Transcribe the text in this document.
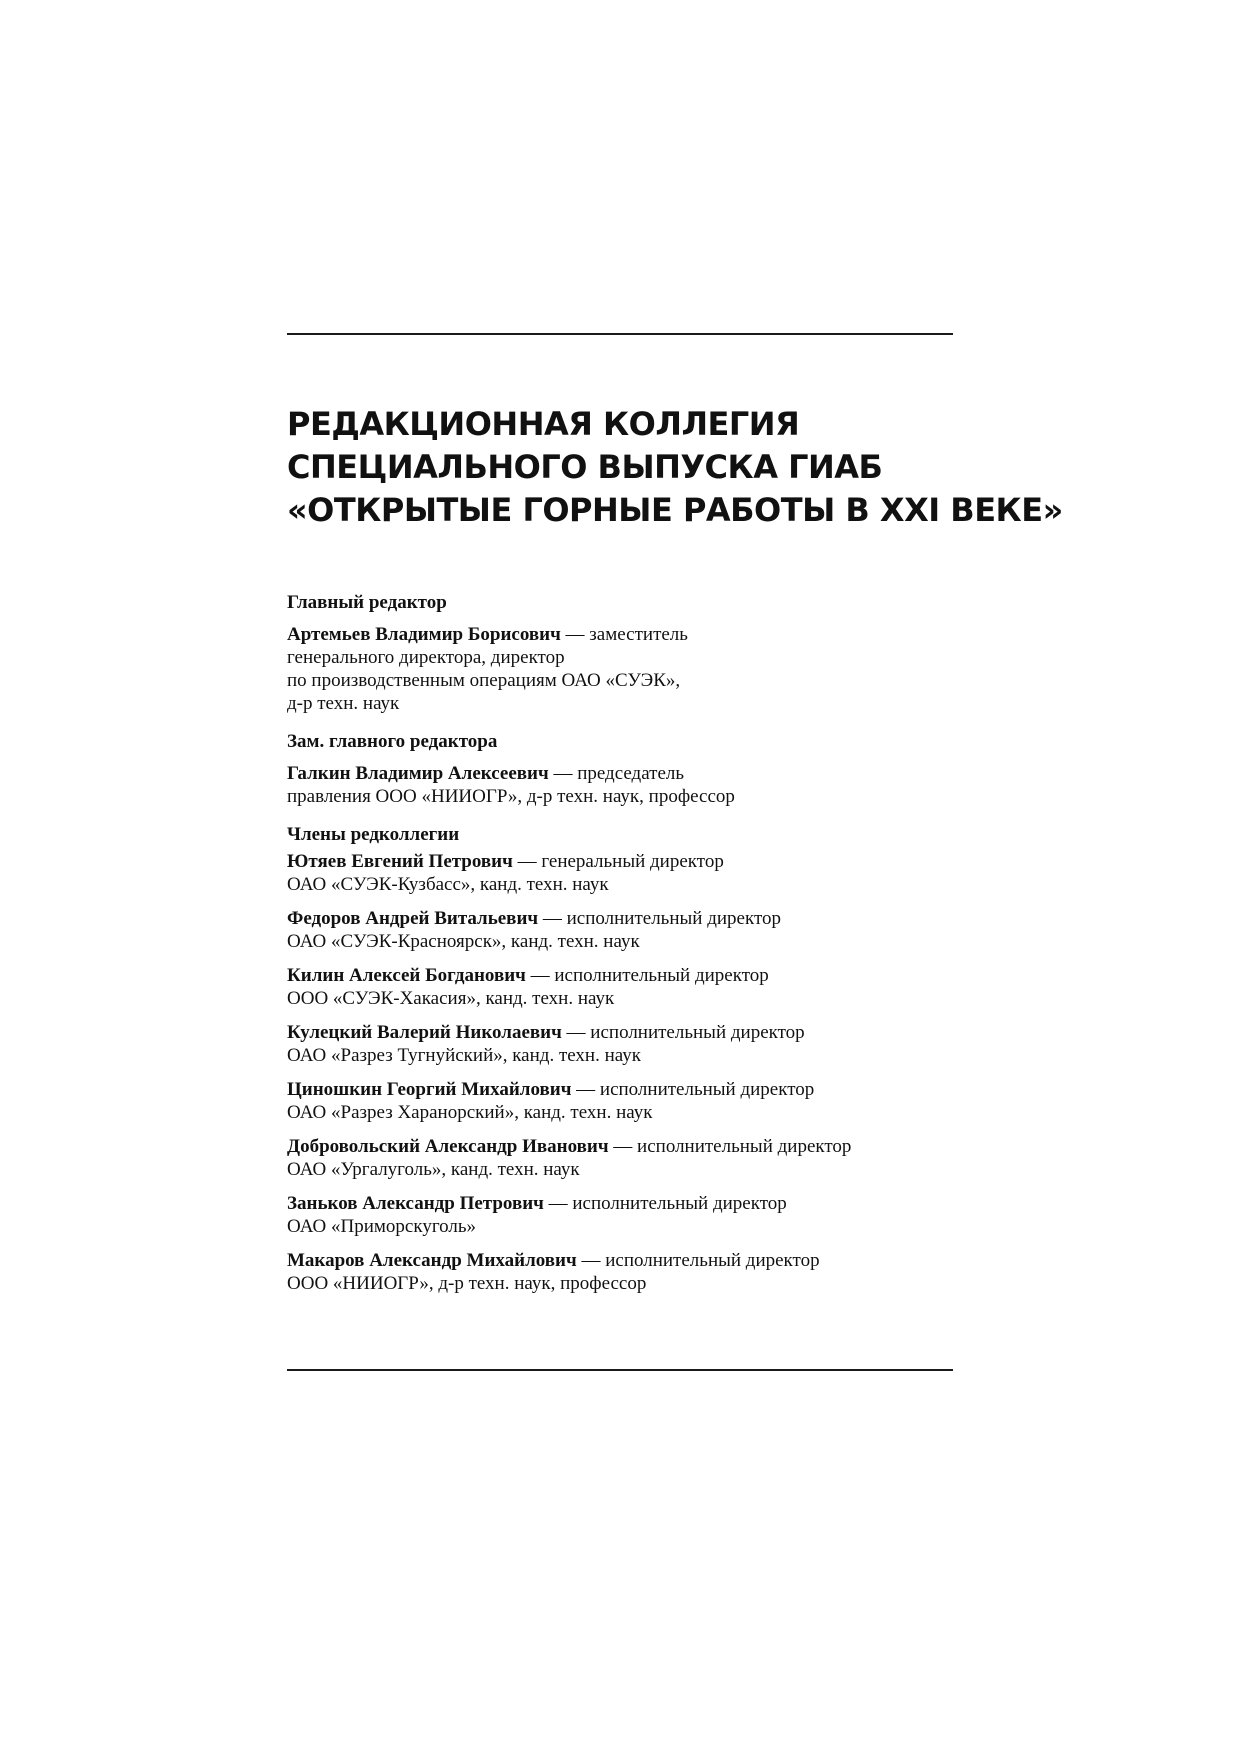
РЕДАКЦИОННАЯ КОЛЛЕГИЯ
СПЕЦИАЛЬНОГО ВЫПУСКА ГИАБ
«ОТКРЫТЫЕ ГОРНЫЕ РАБОТЫ В XXI ВЕКЕ»
Главный редактор
Артемьев Владимир Борисович — заместитель
генерального директора, директор
по производственным операциям ОАО «СУЭК»,
д-р техн. наук
Зам. главного редактора
Галкин Владимир Алексеевич — председатель
правления ООО «НИИОГР», д-р техн. наук, профессор
Члены редколлегии
Ютяев Евгений Петрович — генеральный директор
ОАО «СУЭК-Кузбасс», канд. техн. наук
Федоров Андрей Витальевич — исполнительный директор
ОАО «СУЭК-Красноярск», канд. техн. наук
Килин Алексей Богданович — исполнительный директор
ООО «СУЭК-Хакасия», канд. техн. наук
Кулецкий Валерий Николаевич — исполнительный директор
ОАО «Разрез Тугнуйский», канд. техн. наук
Циношкин Георгий Михайлович — исполнительный директор
ОАО «Разрез Харанорский», канд. техн. наук
Добровольский Александр Иванович — исполнительный директор
ОАО «Ургалуголь», канд. техн. наук
Заньков Александр Петрович — исполнительный директор
ОАО «Приморскуголь»
Макаров Александр Михайлович — исполнительный директор
ООО «НИИОГР», д-р техн. наук, профессор
